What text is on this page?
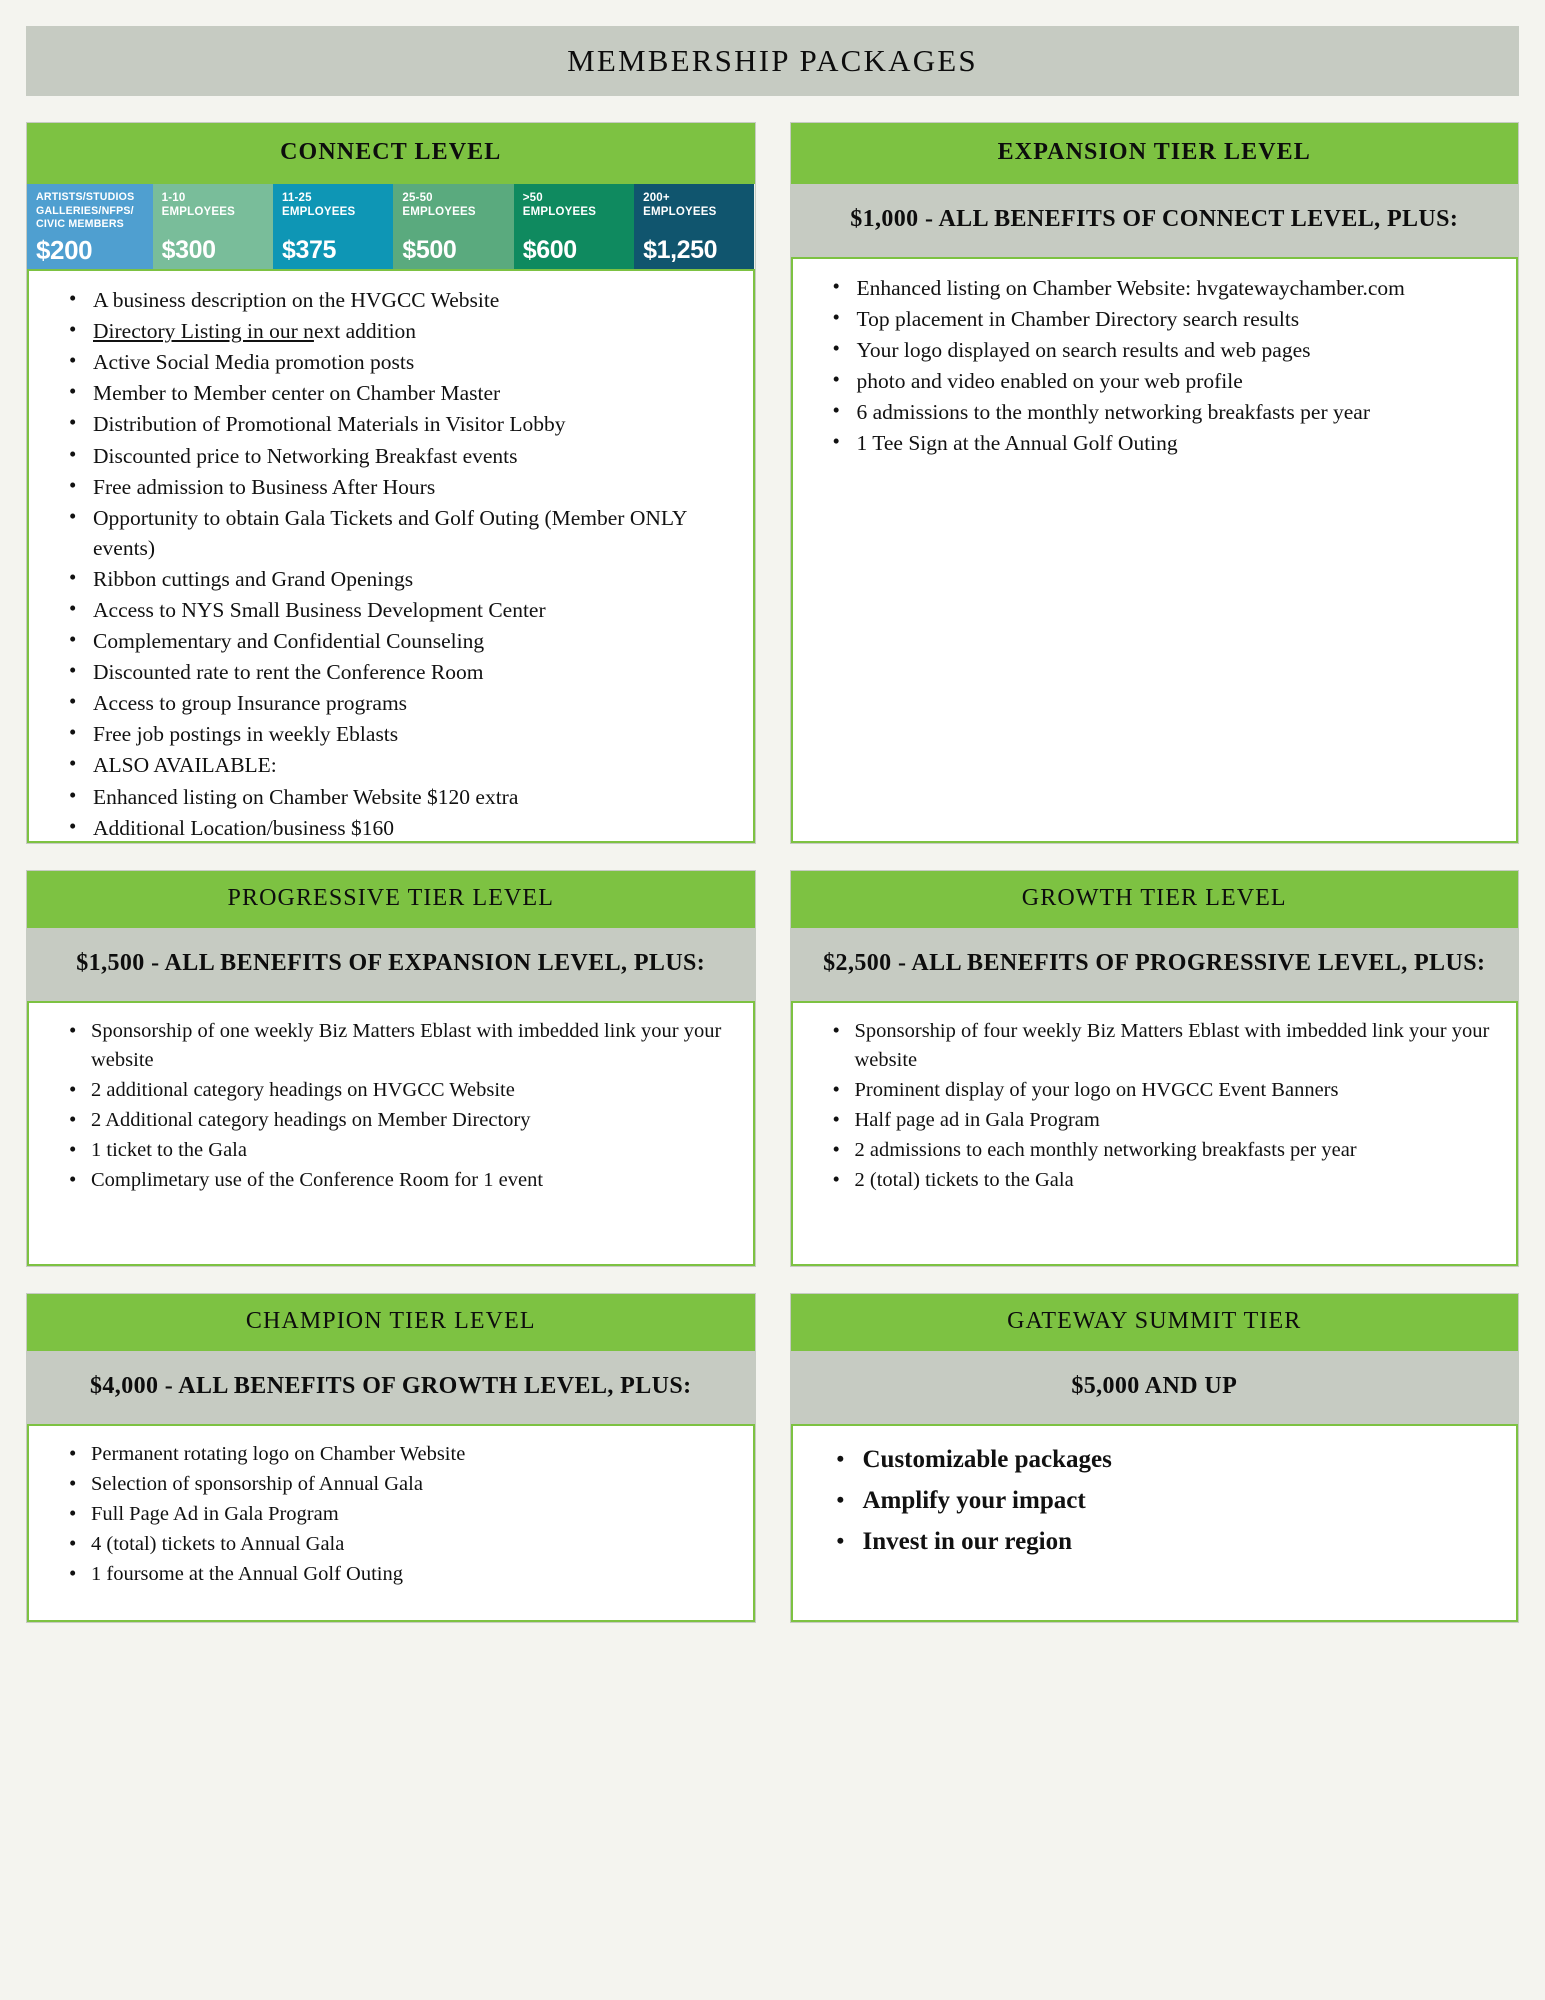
MEMBERSHIP PACKAGES
CONNECT LEVEL
ARTISTS/STUDIOS
GALLERIES/NFPS/
CIVIC MEMBERS
$200
1-10
EMPLOYEES
$300
11-25
EMPLOYEES
$375
25-50
EMPLOYEES
$500
>50
EMPLOYEES
$600
200+
EMPLOYEES
$1,250
• A business description on the HVGCC Website
• Directory Listing in our next addition
• Active Social Media promotion posts
• Member to Member center on Chamber Master
• Distribution of Promotional Materials in Visitor Lobby
• Discounted price to Networking Breakfast events
• Free admission to Business After Hours
• Opportunity to obtain Gala Tickets and Golf Outing (Member ONLY events)
• Ribbon cuttings and Grand Openings
• Access to NYS Small Business Development Center
• Complementary and Confidential Counseling
• Discounted rate to rent the Conference Room
• Access to group Insurance programs
• Free job postings in weekly Eblasts
• ALSO AVAILABLE:
• Enhanced listing on Chamber Website $120 extra
• Additional Location/business $160
EXPANSION TIER LEVEL
$1,000 - ALL BENEFITS OF CONNECT LEVEL, PLUS:
• Enhanced listing on Chamber Website: hvgatewaychamber.com
• Top placement in Chamber Directory search results
• Your logo displayed on search results and web pages
• photo and video enabled on your web profile
• 6 admissions to the monthly networking breakfasts per year
• 1 Tee Sign at the Annual Golf Outing
PROGRESSIVE TIER LEVEL
$1,500 - ALL BENEFITS OF EXPANSION LEVEL, PLUS:
• Sponsorship of one weekly Biz Matters Eblast with imbedded link your your website
• 2 additional category headings on HVGCC Website
• 2 Additional category headings on Member Directory
• 1 ticket to the Gala
• Complimetary use of the Conference Room for 1 event
GROWTH TIER LEVEL
$2,500 - ALL BENEFITS OF PROGRESSIVE LEVEL, PLUS:
• Sponsorship of four weekly Biz Matters Eblast with imbedded link your your website
• Prominent display of your logo on HVGCC Event Banners
• Half page ad in Gala Program
• 2 admissions to each monthly networking breakfasts per year
• 2 (total) tickets to the Gala
CHAMPION TIER LEVEL
$4,000 - ALL BENEFITS OF GROWTH LEVEL, PLUS:
• Permanent rotating logo on Chamber Website
• Selection of sponsorship of Annual Gala
• Full Page Ad in Gala Program
• 4 (total) tickets to Annual Gala
• 1 foursome at the Annual Golf Outing
GATEWAY SUMMIT TIER
$5,000 AND UP
• Customizable packages
• Amplify your impact
• Invest in our region
